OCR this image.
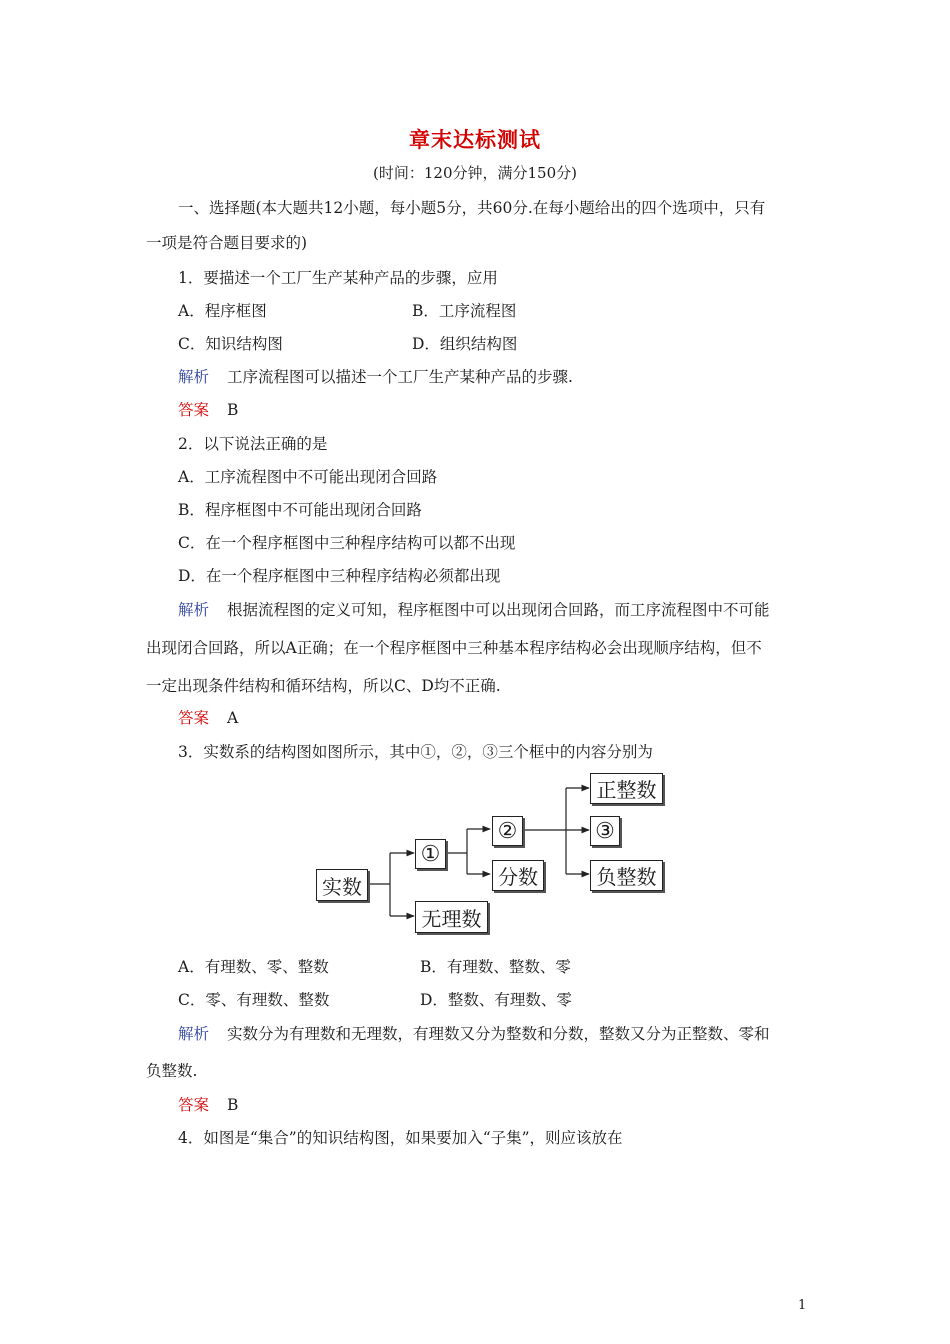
章末达标测试
(时间：120分钟，满分150分)
一、选择题(本大题共12小题，每小题5分，共60分.在每小题给出的四个选项中，只有
一项是符合题目要求的)
1．要描述一个工厂生产某种产品的步骤，应用
A．程序框图	B．工序流程图
C．知识结构图	D．组织结构图
解析 工序流程图可以描述一个工厂生产某种产品的步骤.
答案 B
2．以下说法正确的是
A．工序流程图中不可能出现闭合回路
B．程序框图中不可能出现闭合回路
C．在一个程序框图中三种程序结构可以都不出现
D．在一个程序框图中三种程序结构必须都出现
解析 根据流程图的定义可知，程序框图中可以出现闭合回路，而工序流程图中不可能
出现闭合回路，所以A正确；在一个程序框图中三种基本程序结构必会出现顺序结构，但不
一定出现条件结构和循环结构，所以C、D均不正确.
答案 A
3．实数系的结构图如图所示，其中①，②，③三个框中的内容分别为
实数
①
无理数
②
分数
正整数
③
负整数
A．有理数、零、整数	B．有理数、整数、零
C．零、有理数、整数	D．整数、有理数、零
解析 实数分为有理数和无理数，有理数又分为整数和分数，整数又分为正整数、零和
负整数.
答案 B
4．如图是“集合”的知识结构图，如果要加入“子集”，则应该放在
1
